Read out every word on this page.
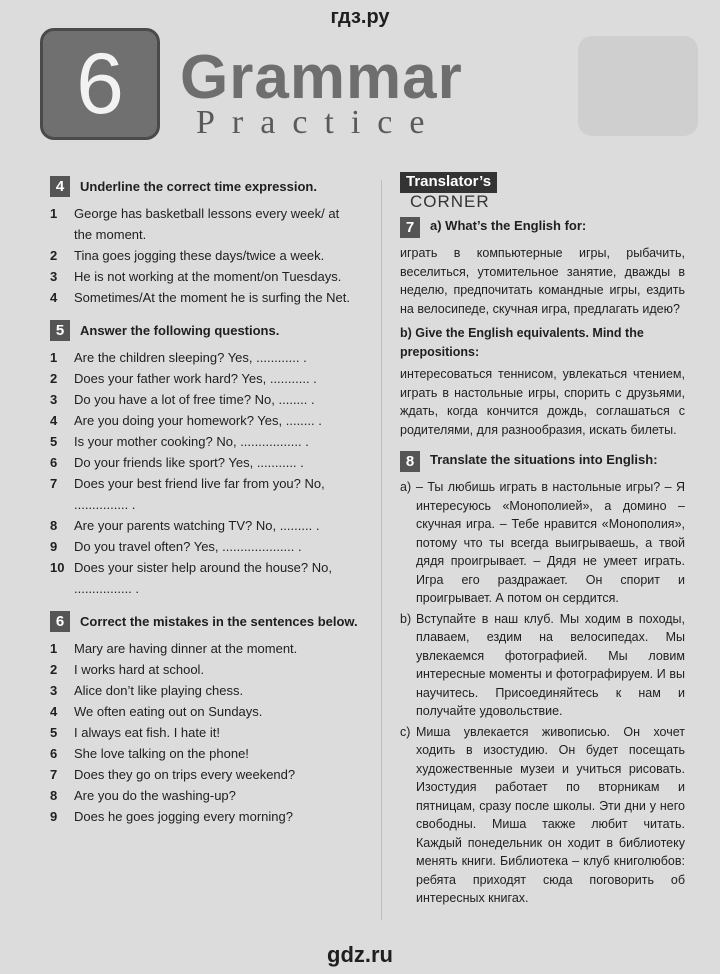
гдз.ру
6 Grammar
Practice
4	Underline the correct time expression.
1	George has basketball lessons every week/ at the moment.
2	Tina goes jogging these days/twice a week.
3	He is not working at the moment/on Tuesdays.
4	Sometimes/At the moment he is surfing the Net.
5	Answer the following questions.
1	Are the children sleeping? Yes, ............ .
2	Does your father work hard? Yes, ........... .
3	Do you have a lot of free time? No, ........ .
4	Are you doing your homework? Yes, ........ .
5	Is your mother cooking? No, ................. .
6	Do your friends like sport? Yes, ........... .
7	Does your best friend live far from you? No, ............... .
8	Are your parents watching TV? No, ......... .
9	Do you travel often? Yes, .................... .
10 Does your sister help around the house? No, ................ .
6	Correct the mistakes in the sentences below.
1	Mary are having dinner at the moment.
2	I works hard at school.
3	Alice don’t like playing chess.
4	We often eating out on Sundays.
5	I always eat fish. I hate it!
6	She love talking on the phone!
7	Does they go on trips every weekend?
8	Are you do the washing-up?
9	Does he goes jogging every morning?
Translator’s

CORNER
7	a) What’s the English for:
играть в компьютерные игры, рыбачить, веселиться, утомительное занятие, дважды в неделю, предпочитать командные игры, ездить на велосипеде, скучная игра, предлагать идею?
b) Give the English equivalents. Mind the prepositions:
интересоваться теннисом, увлекаться чтением, играть в настольные игры, спорить с друзьями, ждать, когда кончится дождь, соглашаться с родителями, для разнообразия, искать билеты.
8	Translate the situations into English:
a) – Ты любишь играть в настольные игры? – Я интересуюсь «Монополией», а домино – скучная игра. – Тебе нравится «Монополия», потому что ты всегда выигрываешь, а твой дядя проигрывает. – Дядя не умеет играть. Игра его раздражает. Он спорит и проигрывает. А потом он сердится.
b) Вступайте в наш клуб. Мы ходим в походы, плаваем, ездим на велосипедах. Мы увлекаемся фотографией. Мы ловим интересные моменты и фотографируем. И вы научитесь. Присоединяйтесь к нам и получайте удовольствие.
c) Миша увлекается живописью. Он хочет ходить в изостудию. Он будет посещать художественные музеи и учиться рисовать. Изостудия работает по вторникам и пятницам, сразу после школы. Эти дни у него свободны. Миша также любит читать. Каждый понедельник он ходит в библиотеку менять книги. Библиотека – клуб книголюбов: ребята приходят сюда поговорить об интересных книгах.
gdz.ru
